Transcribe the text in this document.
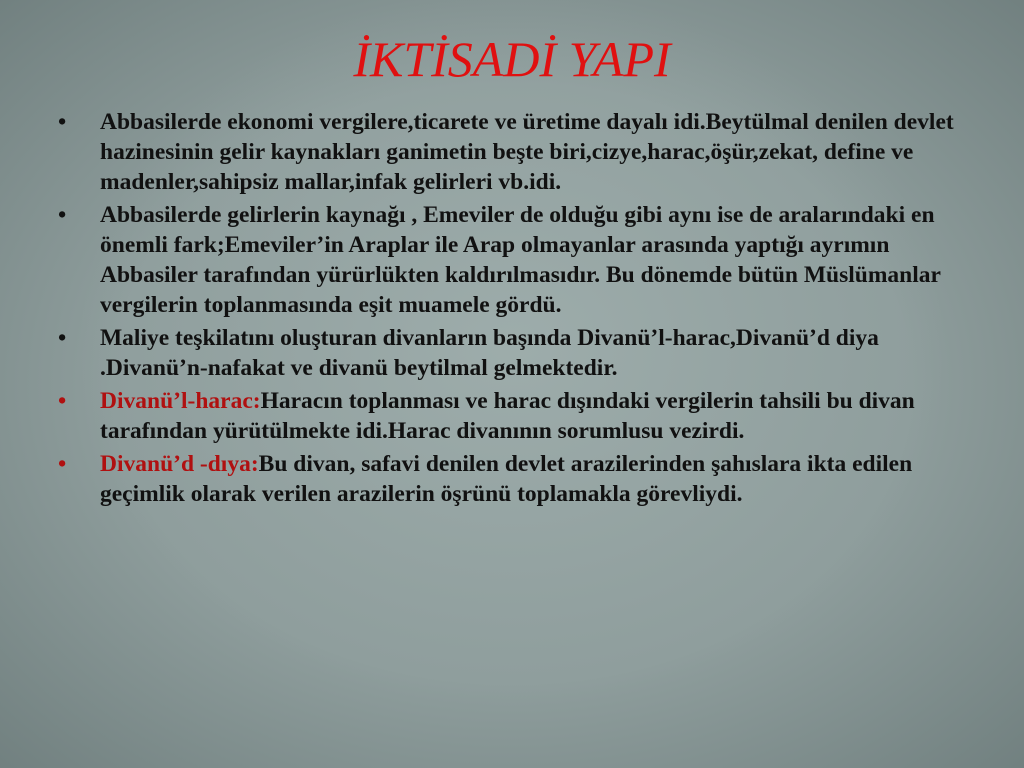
İKTİSADİ YAPI
•	Abbasilerde ekonomi vergilere,ticarete ve üretime dayalı idi.Beytülmal denilen devlet hazinesinin gelir kaynakları ganimetin beşte biri,cizye,harac,öşür,zekat, define ve madenler,sahipsiz mallar,infak gelirleri vb.idi.
•	Abbasilerde gelirlerin kaynağı , Emeviler de olduğu gibi aynı ise de aralarındaki en önemli fark;Emeviler’in Araplar ile Arap olmayanlar arasında yaptığı ayrımın Abbasiler tarafından yürürlükten kaldırılmasıdır. Bu dönemde bütün Müslümanlar vergilerin toplanmasında eşit muamele gördü.
•	Maliye teşkilatını oluşturan divanların başında Divanü’l-harac,Divanü’d diya .Divanü’n-nafakat ve divanü beytilmal gelmektedir.
•	Divanü’l-harac:Haracın toplanması ve harac dışındaki vergilerin tahsili bu divan tarafından yürütülmekte idi.Harac divanının sorumlusu vezirdi.
•	Divanü’d -dıya:Bu divan, safavi denilen devlet arazilerinden şahıslara ikta edilen geçimlik olarak verilen arazilerin öşrünü toplamakla görevliydi.
